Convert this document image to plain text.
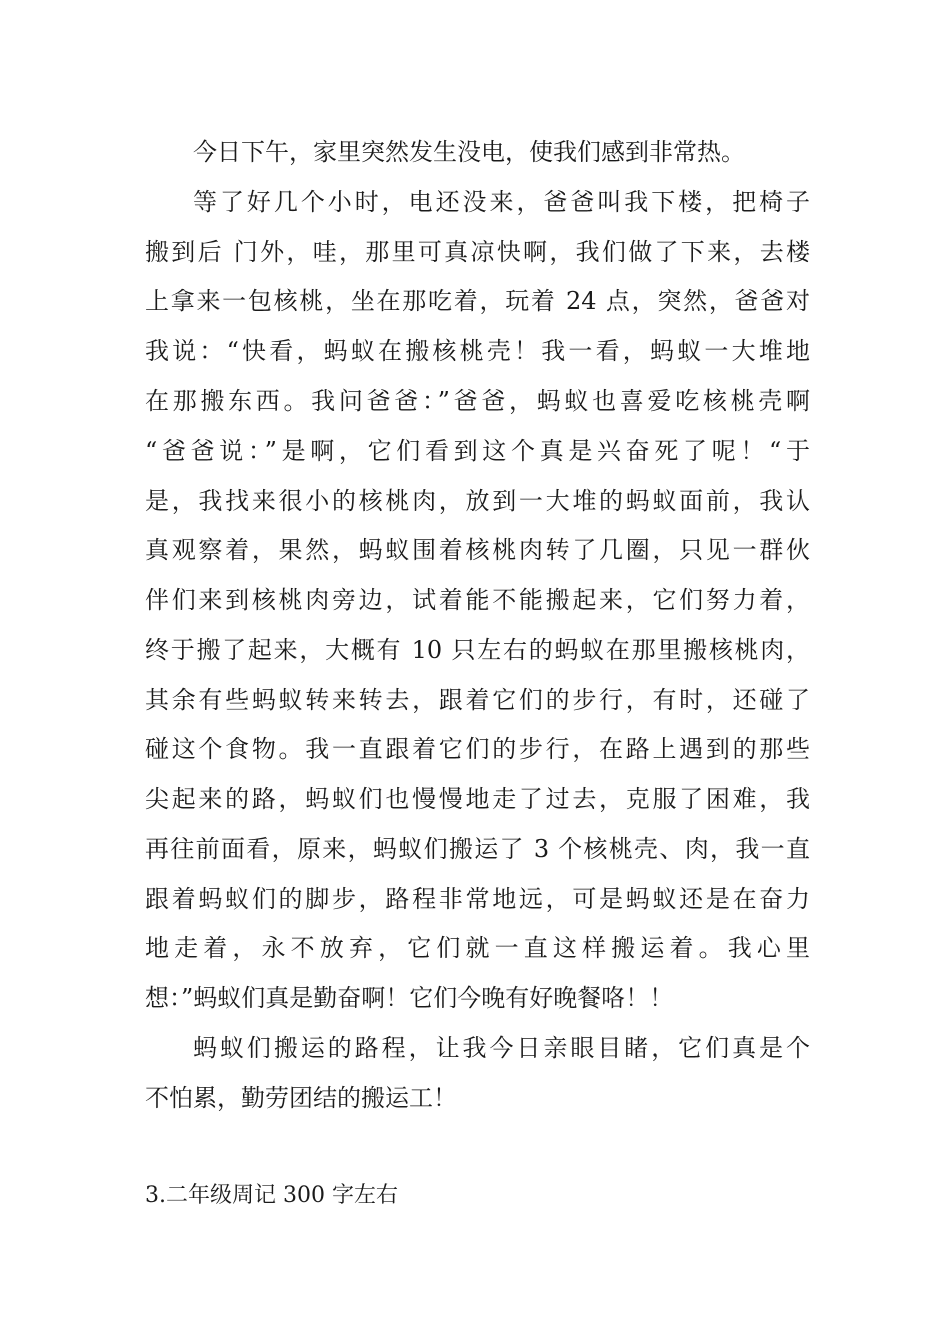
今日下午，家里突然发生没电，使我们感到非常热。
等了好几个小时，电还没来，爸爸叫我下楼，把椅子
搬到后 门外，哇，那里可真凉快啊，我们做了下来，去楼
上拿来一包核桃，坐在那吃着，玩着 24 点，突然，爸爸对
我说：“快看，蚂蚁在搬核桃壳！我一看，蚂蚁一大堆地
在那搬东西。我问爸爸：”爸爸，蚂蚁也喜爱吃核桃壳啊
“爸爸说：”是啊，它们看到这个真是兴奋死了呢！“于
是，我找来很小的核桃肉，放到一大堆的蚂蚁面前，我认
真观察着，果然，蚂蚁围着核桃肉转了几圈，只见一群伙
伴们来到核桃肉旁边，试着能不能搬起来，它们努力着，
终于搬了起来，大概有 10 只左右的蚂蚁在那里搬核桃肉，
其余有些蚂蚁转来转去，跟着它们的步行，有时，还碰了
碰这个食物。我一直跟着它们的步行，在路上遇到的那些
尖起来的路，蚂蚁们也慢慢地走了过去，克服了困难，我
再往前面看，原来，蚂蚁们搬运了 3 个核桃壳、肉，我一直
跟着蚂蚁们的脚步，路程非常地远，可是蚂蚁还是在奋力
地走着，永不放弃，它们就一直这样搬运着。我心里
想：”蚂蚁们真是勤奋啊！它们今晚有好晚餐咯！！
蚂蚁们搬运的路程，让我今日亲眼目睹，它们真是个
不怕累，勤劳团结的搬运工！
3.二年级周记 300 字左右
